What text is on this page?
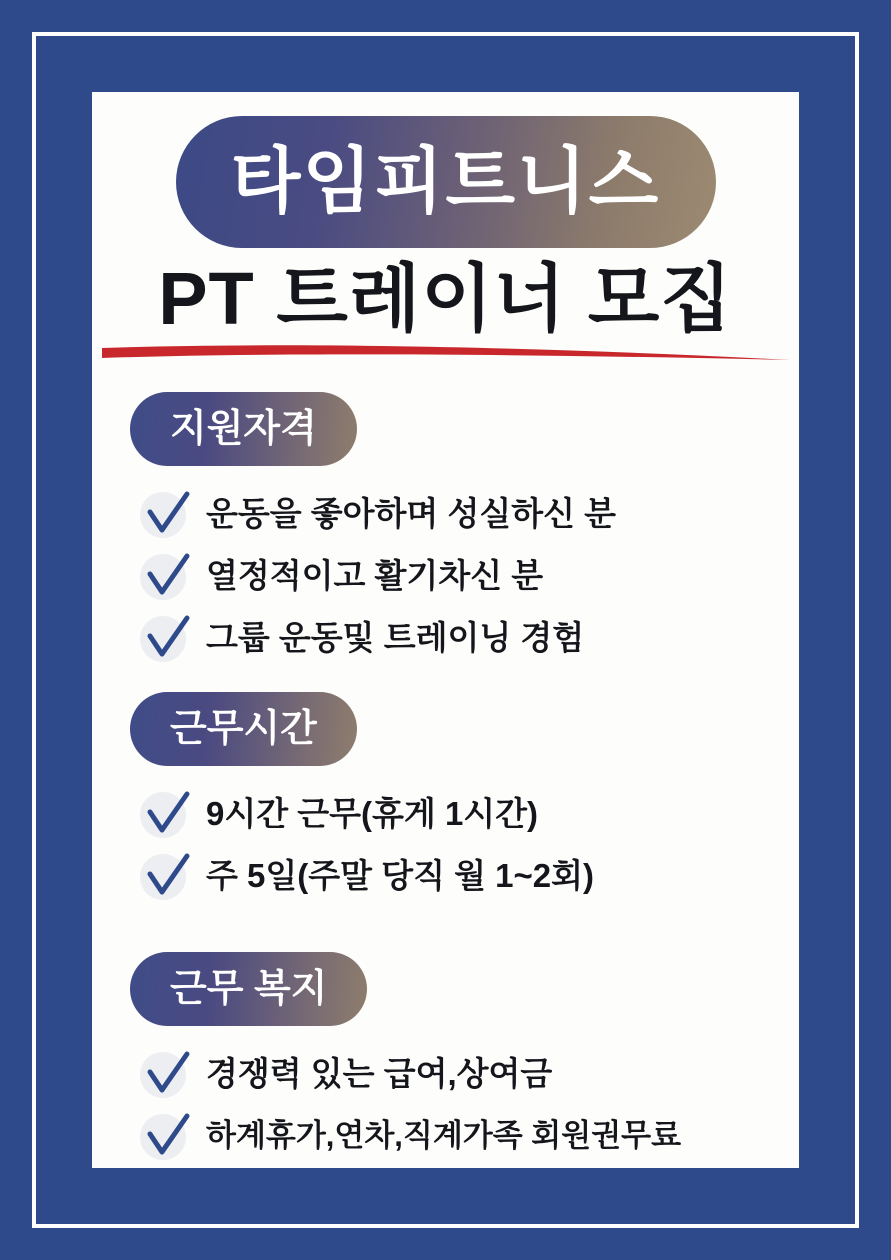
타임피트니스
PT 트레이너 모집
지원자격
운동을 좋아하며 성실하신 분
열정적이고 활기차신 분
그룹 운동및 트레이닝 경험
근무시간
9시간 근무(휴게 1시간)
주 5일(주말 당직 월 1~2회)
근무 복지
경쟁력 있는 급여,상여금
하계휴가,연차,직계가족 회원권무료
